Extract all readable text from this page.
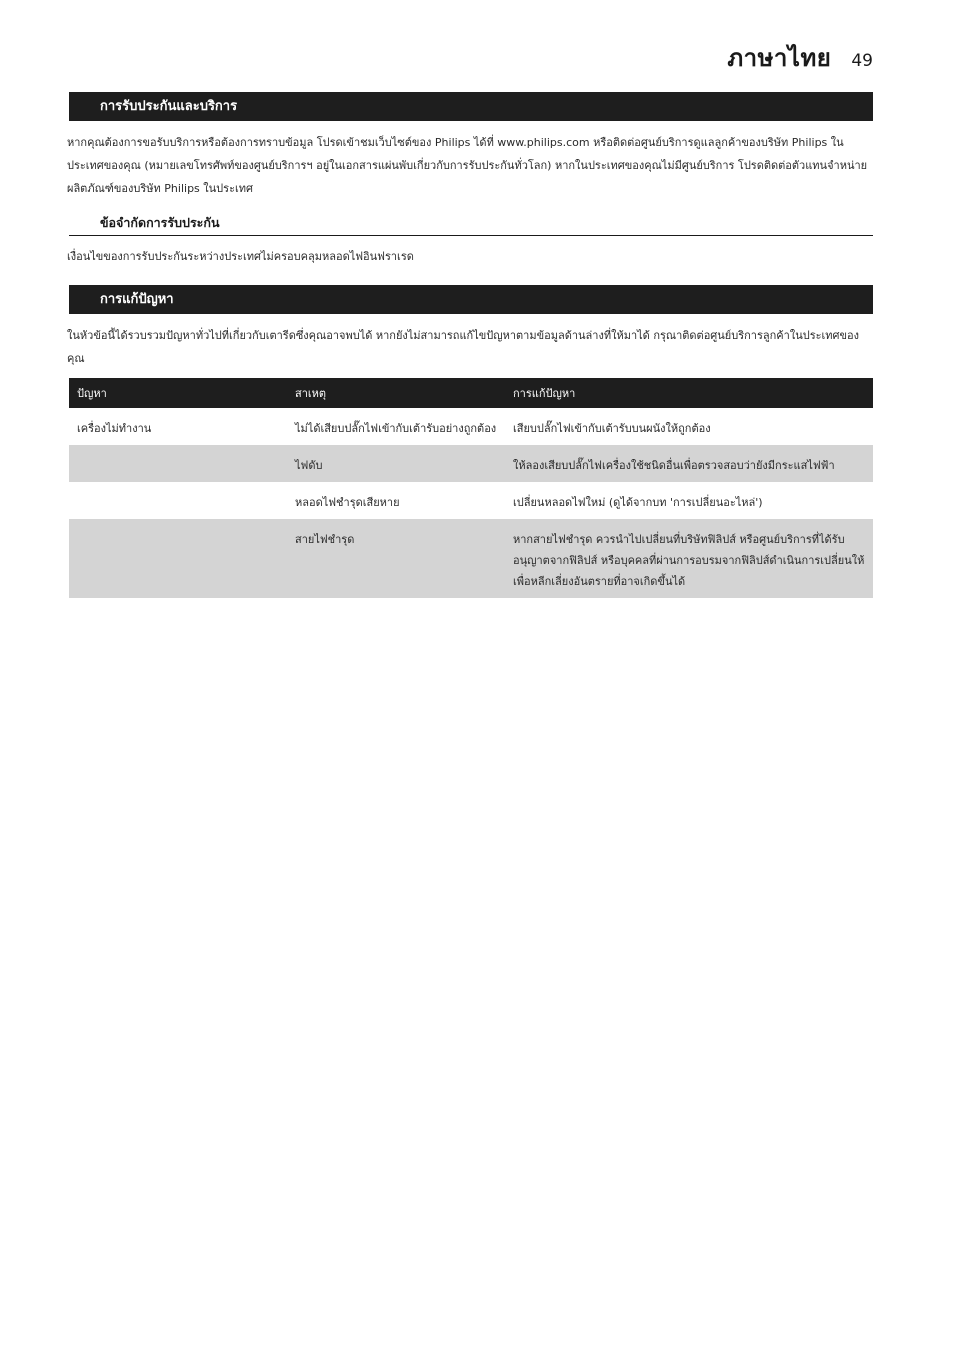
ภาษาไทย 49
การรับประกันและบริการ
หากคุณต้องการขอรับบริการหรือต้องการทราบข้อมูล โปรดเข้าชมเว็บไซต์ของ Philips ได้ที่ www.philips.com หรือติดต่อศูนย์บริการดูแลลูกค้าของบริษัท Philips ในประเทศของคุณ (หมายเลขโทรศัพท์ของศูนย์บริการฯ อยู่ในเอกสารแผ่นพับเกี่ยวกับการรับประกันทั่วโลก) หากในประเทศของคุณไม่มีศูนย์บริการ โปรดติดต่อตัวแทนจำหน่ายผลิตภัณฑ์ของบริษัท Philips ในประเทศ
ข้อจำกัดการรับประกัน
เงื่อนไขของการรับประกันระหว่างประเทศไม่ครอบคลุมหลอดไฟอินฟราเรด
การแก้ปัญหา
ในหัวข้อนี้ได้รวบรวมปัญหาทั่วไปที่เกี่ยวกับเตารีดซึ่งคุณอาจพบได้ หากยังไม่สามารถแก้ไขปัญหาตามข้อมูลด้านล่างที่ให้มาได้ กรุณาติดต่อศูนย์บริการลูกค้าในประเทศของคุณ
ปัญหา	สาเหตุ	การแก้ปัญหา
เครื่องไม่ทำงาน	ไม่ได้เสียบปลั๊กไฟเข้ากับเต้ารับอย่างถูกต้อง	เสียบปลั๊กไฟเข้ากับเต้ารับบนผนังให้ถูกต้อง
	ไฟดับ	ให้ลองเสียบปลั๊กไฟเครื่องใช้ชนิดอื่นเพื่อตรวจสอบว่ายังมีกระแสไฟฟ้า
	หลอดไฟชำรุดเสียหาย	เปลี่ยนหลอดไฟใหม่ (ดูได้จากบท 'การเปลี่ยนอะไหล่')
	สายไฟชำรุด	หากสายไฟชำรุด ควรนำไปเปลี่ยนที่บริษัทฟิลิปส์ หรือศูนย์บริการที่ได้รับอนุญาตจากฟิลิปส์ หรือบุคคลที่ผ่านการอบรมจากฟิลิปส์ดำเนินการเปลี่ยนให้เพื่อหลีกเลี่ยงอันตรายที่อาจเกิดขึ้นได้
